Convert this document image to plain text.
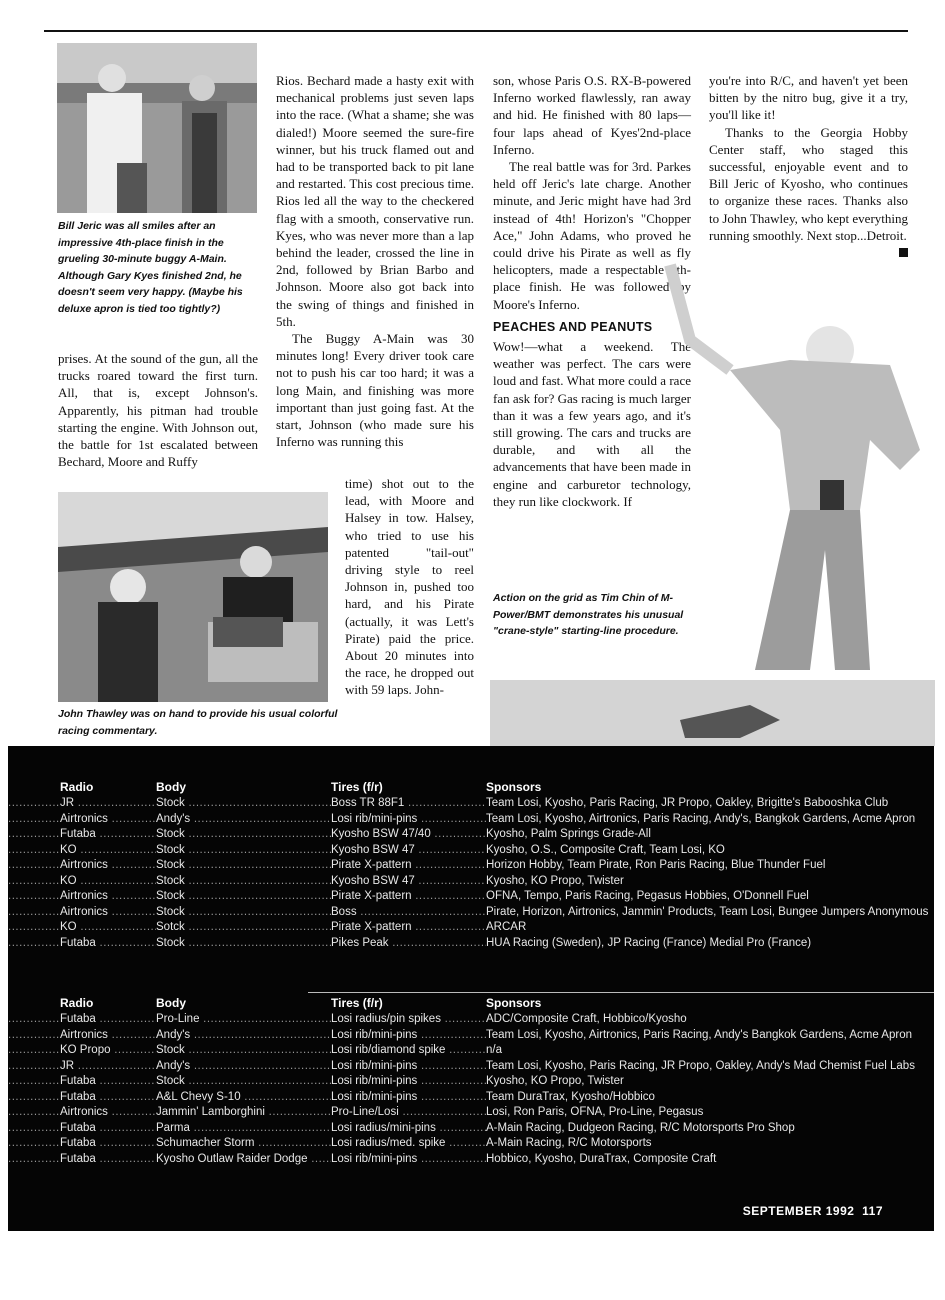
Bill Jeric was all smiles after an impressive 4th-place finish in the grueling 30-minute buggy A-Main. Although Gary Kyes finished 2nd, he doesn't seem very happy. (Maybe his deluxe apron is tied too tightly?)

prises. At the sound of the gun, all the trucks roared toward the first turn. All, that is, except Johnson's. Apparently, his pitman had trouble starting the engine. With Johnson out, the battle for 1st escalated between Bechard, Moore and Ruffy

John Thawley was on hand to provide his usual colorful racing commentary.

Rios. Bechard made a hasty exit with mechanical problems just seven laps into the race. (What a shame; she was dialed!) Moore seemed the sure-fire winner, but his truck flamed out and had to be transported back to pit lane and restarted. This cost precious time. Rios led all the way to the checkered flag with a smooth, conservative run. Kyes, who was never more than a lap behind the leader, crossed the line in 2nd, followed by Brian Barbo and Johnson. Moore also got back into the swing of things and finished in 5th.

The Buggy A-Main was 30 minutes long! Every driver took care not to push his car too hard; it was a long Main, and finishing was more important than just going fast. At the start, Johnson (who made sure his Inferno was running this

time) shot out to the lead, with Moore and Halsey in tow. Halsey, who tried to use his patented "tail-out" driving style to reel Johnson in, pushed too hard, and his Pirate (actually, it was Lett's Pirate) paid the price. About 20 minutes into the race, he dropped out with 59 laps. John-

son, whose Paris O.S. RX-B-powered Inferno worked flawlessly, ran away and hid. He finished with 80 laps—four laps ahead of Kyes'2nd-place Inferno.

The real battle was for 3rd. Parkes held off Jeric's late charge. Another minute, and Jeric might have had 3rd instead of 4th! Horizon's "Chopper Ace," John Adams, who proved he could drive his Pirate as well as fly helicopters, made a respectable 5th-place finish. He was followed by Moore's Inferno.

PEACHES AND PEANUTS

Wow!—what a weekend. The weather was perfect. The cars were loud and fast. What more could a race fan ask for? Gas racing is much larger than it was a few years ago, and it's still growing. The cars and trucks are durable, and with all the advancements that have been made in engine and carburetor technology, they run like clockwork. If

you're into R/C, and haven't yet been bitten by the nitro bug, give it a try, you'll like it!

Thanks to the Georgia Hobby Center staff, who staged this successful, enjoyable event and to Bill Jeric of Kyosho, who continues to organize these races. Thanks also to John Thawley, who kept everything running smoothly. Next stop...Detroit.

Action on the grid as Tim Chin of M-Power/BMT demonstrates his unusual "crane-style" starting-line procedure.
Radio	Body	Tires (f/r)	Sponsors
.....
JR .....	Stock .....	Boss TR 88F1 .....	Team Losi, Kyosho, Paris Racing, JR Propo, Oakley, Brigitte's Babooshka Club
.....
Airtronics .....	Andy's .....	Losi rib/mini-pins .....	Team Losi, Kyosho, Airtronics, Paris Racing, Andy's, Bangkok Gardens, Acme Apron
.....
Futaba .....	Stock .....	Kyosho BSW 47/40 .....	Kyosho, Palm Springs Grade-All
.....
KO .....	Stock .....	Kyosho BSW 47 .....	Kyosho, O.S., Composite Craft, Team Losi, KO
.....
Airtronics .....	Stock .....	Pirate X-pattern .....	Horizon Hobby, Team Pirate, Ron Paris Racing, Blue Thunder Fuel
.....
KO .....	Stock .....	Kyosho BSW 47 .....	Kyosho, KO Propo, Twister
.....
Airtronics .....	Stock .....	Pirate X-pattern .....	OFNA, Tempo, Paris Racing, Pegasus Hobbies, O'Donnell Fuel
.....
Airtronics .....	Stock .....	Boss .....	Pirate, Horizon, Airtronics, Jammin' Products, Team Losi, Bungee Jumpers Anonymous
.....
KO .....	Sotck .....	Pirate X-pattern .....	ARCAR
.....
Futaba .....	Stock .....	Pikes Peak .....	HUA Racing (Sweden), JP Racing (France) Medial Pro (France)
Radio	Body	Tires (f/r)	Sponsors
.....
Futaba .....	Pro-Line .....	Losi radius/pin spikes .....	ADC/Composite Craft, Hobbico/Kyosho
.....
Airtronics .....	Andy's .....	Losi rib/mini-pins .....	Team Losi, Kyosho, Airtronics, Paris Racing, Andy's Bangkok Gardens, Acme Apron
.....
KO Propo .....	Stock .....	Losi rib/diamond spike .....	n/a
.....
JR .....	Andy's .....	Losi rib/mini-pins .....	Team Losi, Kyosho, Paris Racing, JR Propo, Oakley, Andy's Mad Chemist Fuel Labs
.....
Futaba .....	Stock .....	Losi rib/mini-pins .....	Kyosho, KO Propo, Twister
.....
Futaba .....	A&L Chevy S-10 .....	Losi rib/mini-pins .....	Team DuraTrax, Kyosho/Hobbico
.....
Airtronics .....	Jammin' Lamborghini .....	Pro-Line/Losi .....	Losi, Ron Paris, OFNA, Pro-Line, Pegasus
.....
Futaba .....	Parma .....	Losi radius/mini-pins .....	A-Main Racing, Dudgeon Racing, R/C Motorsports Pro Shop
.....
Futaba .....	Schumacher Storm .....	Losi radius/med. spike .....	A-Main Racing, R/C Motorsports
.....
Futaba .....	Kyosho Outlaw Raider Dodge .....	Losi rib/mini-pins .....	Hobbico, Kyosho, DuraTrax, Composite Craft
SEPTEMBER 1992 117
